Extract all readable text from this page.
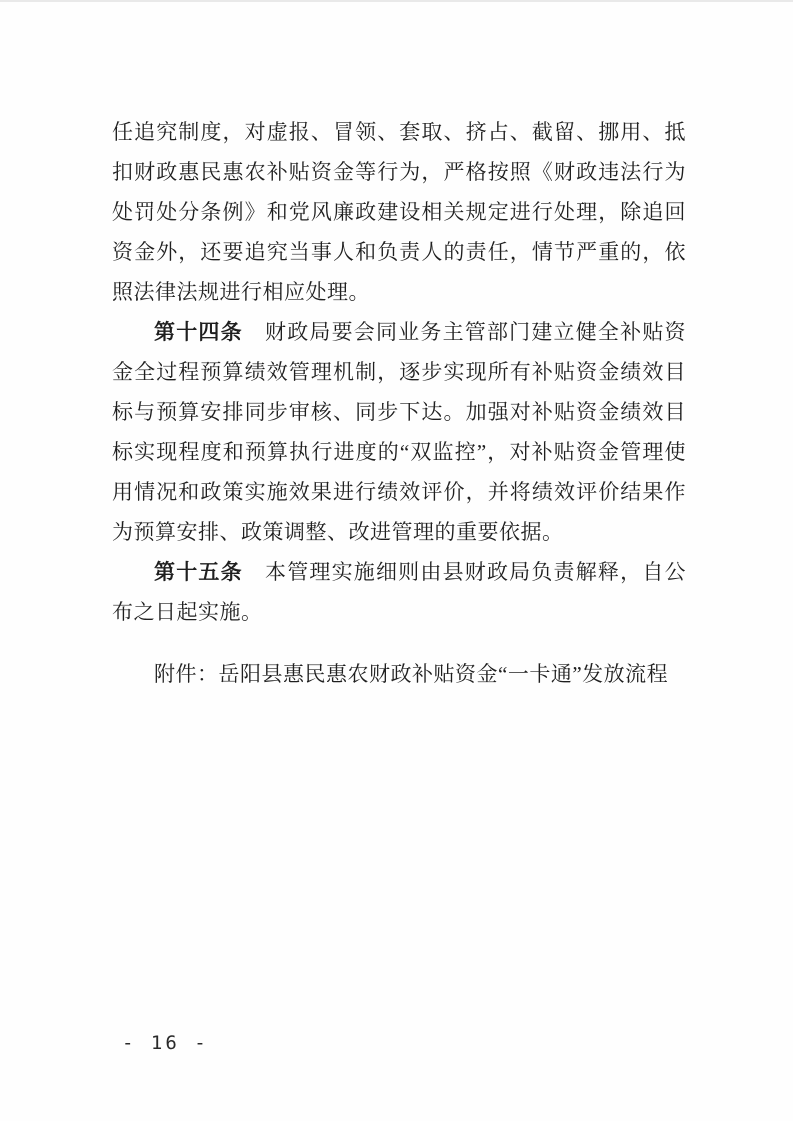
任追究制度，对虚报、冒领、套取、挤占、截留、挪用、抵扣财政惠民惠农补贴资金等行为，严格按照《财政违法行为处罚处分条例》和党风廉政建设相关规定进行处理，除追回资金外，还要追究当事人和负责人的责任，情节严重的，依照法律法规进行相应处理。

第十四条　 财政局要会同业务主管部门建立健全补贴资金全过程预算绩效管理机制，逐步实现所有补贴资金绩效目标与预算安排同步审核、同步下达。加强对补贴资金绩效目标实现程度和预算执行进度的“双监控”，对补贴资金管理使用情况和政策实施效果进行绩效评价，并将绩效评价结果作为预算安排、政策调整、改进管理的重要依据。

第十五条　 本管理实施细则由县财政局负责解释，自公布之日起实施。

附件：岳阳县惠民惠农财政补贴资金“一卡通”发放流程

- 16 -
